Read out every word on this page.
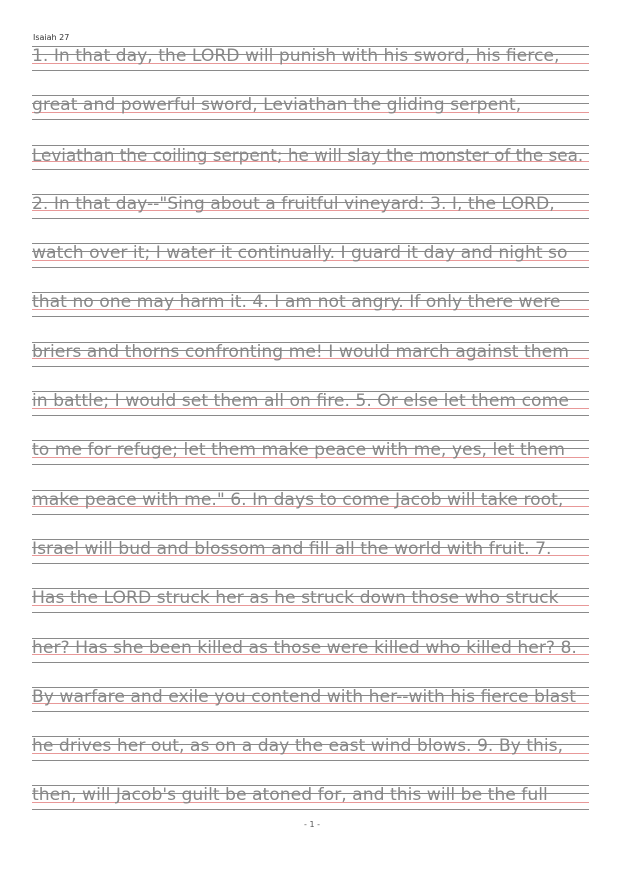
Isaiah 27
1. In that day, the LORD will punish with his sword, his fierce,
great and powerful sword, Leviathan the gliding serpent,
Leviathan the coiling serpent; he will slay the monster of the sea.
2. In that day--"Sing about a fruitful vineyard: 3. I, the LORD,
watch over it; I water it continually. I guard it day and night so
that no one may harm it. 4. I am not angry. If only there were
briers and thorns confronting me! I would march against them
in battle; I would set them all on fire. 5. Or else let them come
to me for refuge; let them make peace with me, yes, let them
make peace with me." 6. In days to come Jacob will take root,
Israel will bud and blossom and fill all the world with fruit. 7.
Has the LORD struck her as he struck down those who struck
her? Has she been killed as those were killed who killed her? 8.
By warfare and exile you contend with her--with his fierce blast
he drives her out, as on a day the east wind blows. 9. By this,
then, will Jacob's guilt be atoned for, and this will be the full
- 1 -
